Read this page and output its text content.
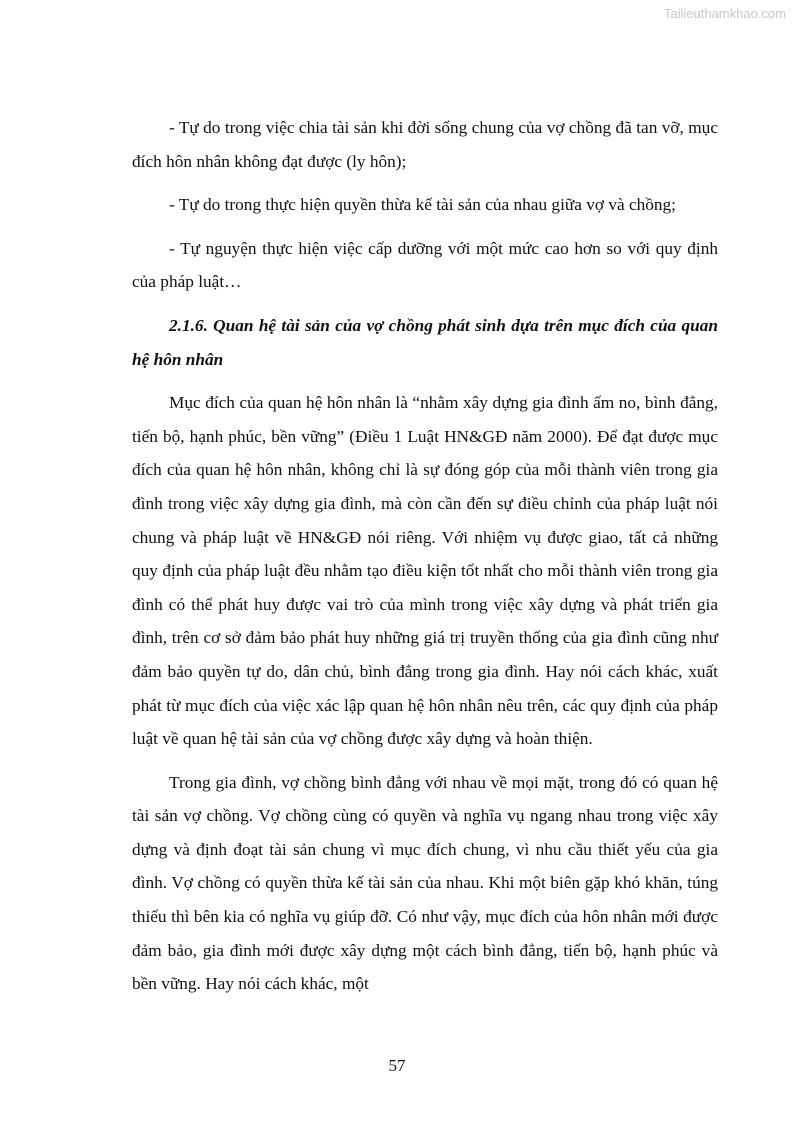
Tailieuthamkhao.com

- Tự do trong việc chia tài sản khi đời sống chung của vợ chồng đã tan vỡ, mục đích hôn nhân không đạt được (ly hôn);

- Tự do trong thực hiện quyền thừa kế tài sản của nhau giữa vợ và chồng;

- Tự nguyện thực hiện việc cấp dưỡng với một mức cao hơn so với quy định của pháp luật…

2.1.6. Quan hệ tài sản của vợ chồng phát sinh dựa trên mục đích của quan hệ hôn nhân

Mục đích của quan hệ hôn nhân là “nhằm xây dựng gia đình ấm no, bình đẳng, tiến bộ, hạnh phúc, bền vững” (Điều 1 Luật HN&GĐ năm 2000). Để đạt được mục đích của quan hệ hôn nhân, không chỉ là sự đóng góp của mỗi thành viên trong gia đình trong việc xây dựng gia đình, mà còn cần đến sự điều chỉnh của pháp luật nói chung và pháp luật về HN&GĐ nói riêng. Với nhiệm vụ được giao, tất cả những quy định của pháp luật đều nhằm tạo điều kiện tốt nhất cho mỗi thành viên trong gia đình có thể phát huy được vai trò của mình trong việc xây dựng và phát triển gia đình, trên cơ sở đảm bảo phát huy những giá trị truyền thống của gia đình cũng như đảm bảo quyền tự do, dân chủ, bình đẳng trong gia đình. Hay nói cách khác, xuất phát từ mục đích của việc xác lập quan hệ hôn nhân nêu trên, các quy định của pháp luật về quan hệ tài sản của vợ chồng được xây dựng và hoàn thiện.

Trong gia đình, vợ chồng bình đẳng với nhau về mọi mặt, trong đó có quan hệ tài sản vợ chồng. Vợ chồng cùng có quyền và nghĩa vụ ngang nhau trong việc xây dựng và định đoạt tài sản chung vì mục đích chung, vì nhu cầu thiết yếu của gia đình. Vợ chồng có quyền thừa kế tài sản của nhau. Khi một biên gặp khó khăn, túng thiếu thì bên kia có nghĩa vụ giúp đỡ. Có như vậy, mục đích của hôn nhân mới được đảm bảo, gia đình mới được xây dựng một cách bình đẳng, tiến bộ, hạnh phúc và bền vững. Hay nói cách khác, một

57
